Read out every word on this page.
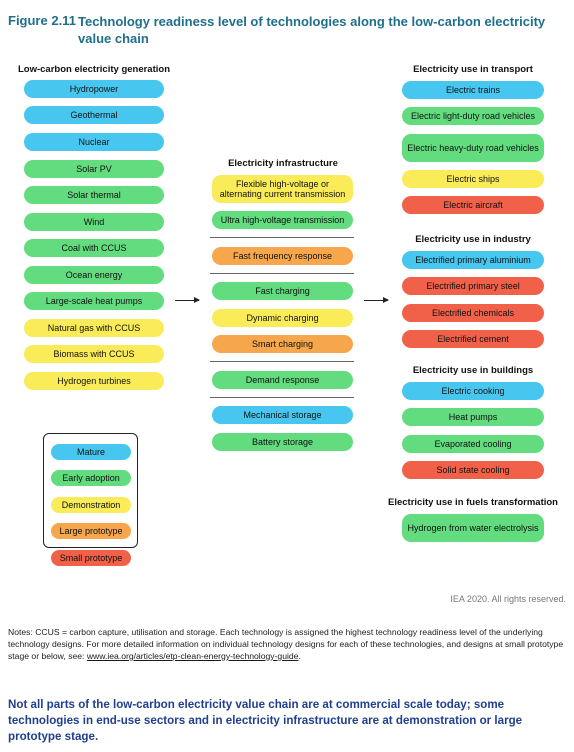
Figure 2.11 Technology readiness level of technologies along the low-carbon electricity value chain
Low-carbon electricity generation
Hydropower
Geothermal
Nuclear
Solar PV
Solar thermal
Wind
Coal with CCUS
Ocean energy
Large-scale heat pumps
Natural gas with CCUS
Biomass with CCUS
Hydrogen turbines
Electricity infrastructure
Flexible high-voltage or alternating current transmission
Ultra high-voltage transmission
Fast frequency response
Fast charging
Dynamic charging
Smart charging
Demand response
Mechanical storage
Battery storage
Electricity use in transport
Electric trains
Electric light-duty road vehicles
Electric heavy-duty road vehicles
Electric ships
Electric aircraft
Electricity use in industry
Electrified primary aluminium
Electrified primary steel
Electrified chemicals
Electrified cement
Electricity use in buildings
Electric cooking
Heat pumps
Evaporated cooling
Solid state cooling
Electricity use in fuels transformation
Hydrogen from water electrolysis
Mature
Early adoption
Demonstration
Large prototype
Small prototype
IEA 2020. All rights reserved.
Notes: CCUS = carbon capture, utilisation and storage. Each technology is assigned the highest technology readiness level of the underlying technology designs. For more detailed information on individual technology designs for each of these technologies, and designs at small prototype stage or below, see: www.iea.org/articles/etp-clean-energy-technology-guide.
Not all parts of the low-carbon electricity value chain are at commercial scale today; some technologies in end-use sectors and in electricity infrastructure are at demonstration or large prototype stage.
